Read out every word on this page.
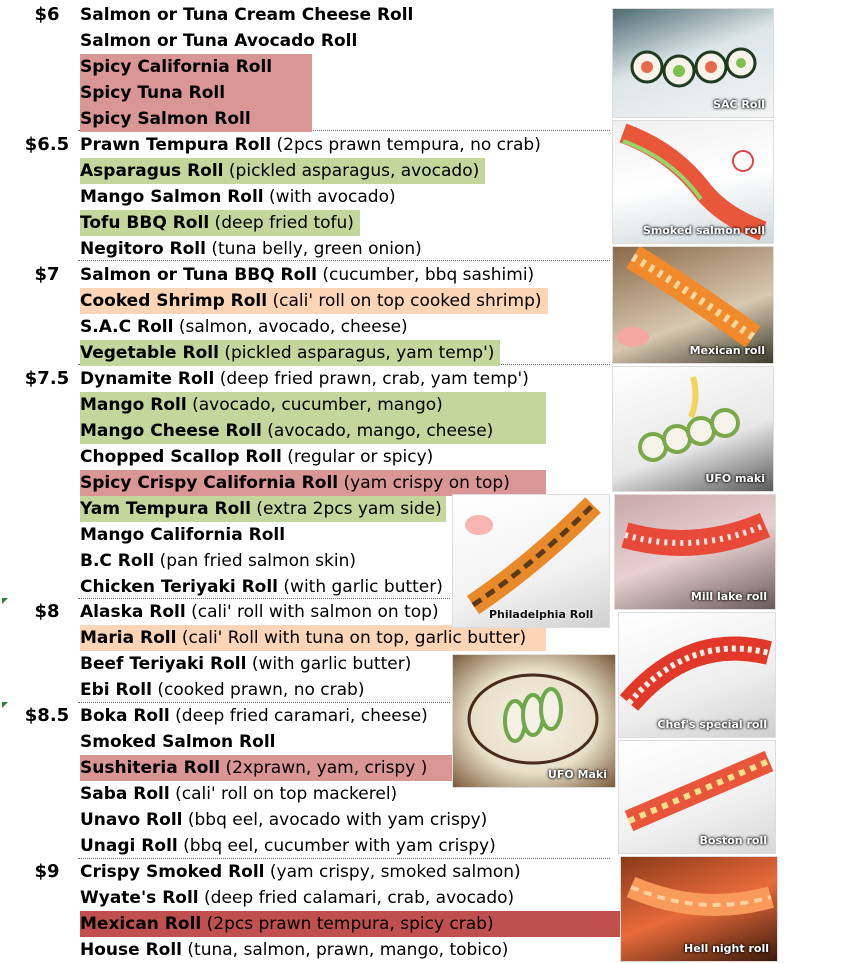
$6
$6.5
$7
$7.5
$8
$8.5
$9
Salmon or Tuna Cream Cheese Roll
Salmon or Tuna Avocado Roll
Spicy California Roll
Spicy Tuna Roll
Spicy Salmon Roll
Prawn Tempura Roll (2pcs prawn tempura, no crab)
Asparagus Roll (pickled asparagus, avocado)
Mango Salmon Roll (with avocado)
Tofu BBQ Roll (deep fried tofu)
Negitoro Roll (tuna belly, green onion)
Salmon or Tuna BBQ Roll (cucumber, bbq sashimi)
Cooked Shrimp Roll (cali' roll on top cooked shrimp)
S.A.C Roll (salmon, avocado, cheese)
Vegetable Roll (pickled asparagus, yam temp')
Dynamite Roll (deep fried prawn, crab, yam temp')
Mango Roll (avocado, cucumber, mango)
Mango Cheese Roll (avocado, mango, cheese)
Chopped Scallop Roll (regular or spicy)
Spicy Crispy California Roll (yam crispy on top)
Yam Tempura Roll (extra 2pcs yam side)
Mango California Roll
B.C Roll (pan fried salmon skin)
Chicken Teriyaki Roll (with garlic butter)
Alaska Roll (cali' roll with salmon on top)
Maria Roll (cali' Roll with tuna on top, garlic butter)
Beef Teriyaki Roll (with garlic butter)
Ebi Roll (cooked prawn, no crab)
Boka Roll (deep fried caramari, cheese)
Smoked Salmon Roll
Sushiteria Roll (2xprawn, yam, crispy )
Saba Roll (cali' roll on top mackerel)
Unavo Roll (bbq eel, avocado with yam crispy)
Unagi Roll (bbq eel, cucumber with yam crispy)
Crispy Smoked Roll (yam crispy, smoked salmon)
Wyate's Roll (deep fried calamari, crab, avocado)
Mexican Roll (2pcs prawn tempura, spicy crab)
House Roll (tuna, salmon, prawn, mango, tobico)
SAC Roll
Smoked salmon roll
Mexican roll
UFO maki
Mill lake roll
Philadelphia Roll
Chef's special roll
UFO Maki
Boston roll
Hell night roll
